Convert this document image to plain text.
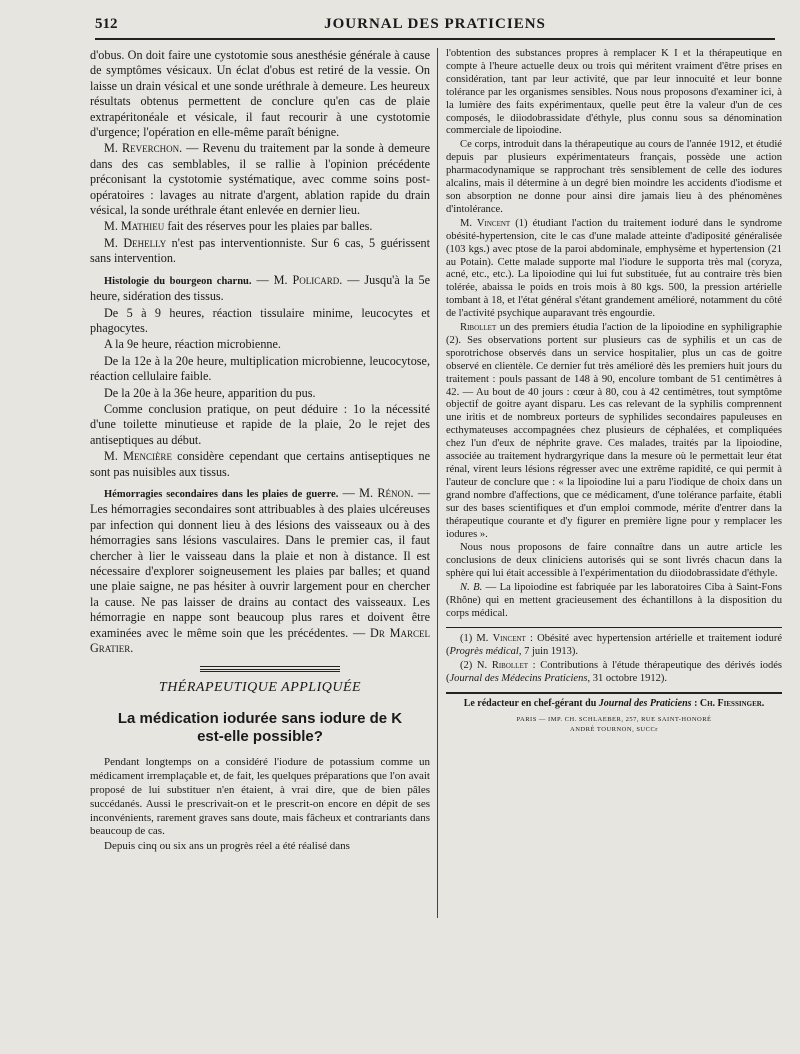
512	JOURNAL DES PRATICIENS

d'obus. On doit faire une cystotomie sous anesthésie générale à cause de symptômes vésicaux. Un éclat d'obus est retiré de la vessie. On laisse un drain vésical et une sonde uréthrale à demeure. Les heureux résultats obtenus permettent de conclure qu'en cas de plaie extrapéritonéale et vésicale, il faut recourir à une cystotomie d'urgence; l'opération en elle-même paraît bénigne.

M. Reverchon. — Revenu du traitement par la sonde à demeure dans des cas semblables, il se rallie à l'opinion précédente préconisant la cystotomie systématique, avec comme soins post-opératoires : lavages au nitrate d'argent, ablation rapide du drain vésical, la sonde uréthrale étant enlevée en dernier lieu.

M. Mathieu fait des réserves pour les plaies par balles.

M. Dehelly n'est pas interventionniste. Sur 6 cas, 5 guérissent sans intervention.

Histologie du bourgeon charnu. — M. Policard. — Jusqu'à la 5e heure, sidération des tissus.

De 5 à 9 heures, réaction tissulaire minime, leucocytes et phagocytes.

A la 9e heure, réaction microbienne.

De la 12e à la 20e heure, multiplication microbienne, leucocytose, réaction cellulaire faible.

De la 20e à la 36e heure, apparition du pus.

Comme conclusion pratique, on peut déduire : 1o la nécessité d'une toilette minutieuse et rapide de la plaie, 2o le rejet des antiseptiques au début.

M. Mencière considère cependant que certains antiseptiques ne sont pas nuisibles aux tissus.

Hémorragies secondaires dans les plaies de guerre. — M. Rénon. — Les hémorragies secondaires sont attribuables à des plaies ulcéreuses par infection qui donnent lieu à des lésions des vaisseaux ou à des hémorragies sans lésions vasculaires. Dans le premier cas, il faut chercher à lier le vaisseau dans la plaie et non à distance. Il est nécessaire d'explorer soigneusement les plaies par balles; et quand une plaie saigne, ne pas hésiter à ouvrir largement pour en chercher la cause. Ne pas laisser de drains au contact des vaisseaux. Les hémorragie en nappe sont beaucoup plus rares et doivent être examinées avec le même soin que les précédentes. — Dr Marcel Gratier.

THÉRAPEUTIQUE APPLIQUÉE
La médication iodurée sans iodure de K
est-elle possible?

Pendant longtemps on a considéré l'iodure de potassium comme un médicament irremplaçable et, de fait, les quelques préparations que l'on avait proposé de lui substituer n'en étaient, à vrai dire, que de bien pâles succédanés. Aussi le prescrivait-on et le prescrit-on encore en dépit de ses inconvénients, rarement graves sans doute, mais fâcheux et contrariants dans beaucoup de cas.

Depuis cinq ou six ans un progrès réel a été réalisé dans

l'obtention des substances propres à remplacer K I et la thérapeutique en compte à l'heure actuelle deux ou trois qui méritent vraiment d'être prises en considération, tant par leur activité, que par leur innocuité et leur bonne tolérance par les organismes sensibles. Nous nous proposons d'examiner ici, à la lumière des faits expérimentaux, quelle peut être la valeur d'un de ces composés, le diiodobrassidate d'éthyle, plus connu sous sa dénomination commerciale de lipoiodine.

Ce corps, introduit dans la thérapeutique au cours de l'année 1912, et étudié depuis par plusieurs expérimentateurs français, possède une action pharmacodynamique se rapprochant très sensiblement de celle des iodures alcalins, mais il détermine à un degré bien moindre les accidents d'iodisme et son absorption ne donne pour ainsi dire jamais lieu à des phénomènes d'intolérance.

M. Vincent (1) étudiant l'action du traitement ioduré dans le syndrome obésité-hypertension, cite le cas d'une malade atteinte d'adiposité généralisée (103 kgs.) avec ptose de la paroi abdominale, emphysème et hypertension (21 au Potain). Cette malade supporte mal l'iodure le supporta très mal (coryza, acné, etc., etc.). La lipoiodine qui lui fut substituée, fut au contraire très bien tolérée, abaissa le poids en trois mois à 80 kgs. 500, la pression artérielle tombant à 18, et l'état général s'étant grandement amélioré, notamment du côté de l'activité psychique auparavant très engourdie.

Ribollet un des premiers étudia l'action de la lipoiodine en syphiligraphie (2). Ses observations portent sur plusieurs cas de syphilis et un cas de sporotrichose observés dans un service hospitalier, plus un cas de goitre observé en clientèle. Ce dernier fut très amélioré dès les premiers huit jours du traitement : pouls passant de 148 à 90, encolure tombant de 51 centimètres à 42. — Au bout de 40 jours : cœur à 80, cou à 42 centimètres, tout symptôme objectif de goitre ayant disparu. Les cas relevant de la syphilis comprennent une iritis et de nombreux porteurs de syphilides secondaires papuleuses en ecthymateuses accompagnées chez plusieurs de céphalées, et compliquées chez l'un d'eux de néphrite grave. Ces malades, traités par la lipoiodine, associée au traitement hydrargyrique dans la mesure où le permettait leur état rénal, virent leurs lésions régresser avec une extrême rapidité, ce qui permit à l'auteur de conclure que : « la lipoiodine lui a paru l'iodique de choix dans un grand nombre d'affections, que ce médicament, d'une tolérance parfaite, établi sur des bases scientifiques et d'un emploi commode, mérite d'entrer dans la thérapeutique courante et d'y figurer en première ligne pour y remplacer les iodures ».

Nous nous proposons de faire connaître dans un autre article les conclusions de deux cliniciens autorisés qui se sont livrés chacun dans la sphère qui lui était accessible à l'expérimentation du diiodobrassidate d'éthyle.

N. B. — La lipoiodine est fabriquée par les laboratoires Ciba à Saint-Fons (Rhône) qui en mettent gracieusement des échantillons à la disposition du corps médical.

(1) M. Vincent : Obésité avec hypertension artérielle et traitement ioduré (Progrès médical, 7 juin 1913).

(2) N. Ribollet : Contributions à l'étude thérapeutique des dérivés iodés (Journal des Médecins Praticiens, 31 octobre 1912).

Le rédacteur en chef-gérant du Journal des Praticiens : Ch. Fiessinger.
PARIS — IMP. CH. SCHLAEBER, 257, RUE SAINT-HONORÉ
ANDRÉ TOURNON, SUCCr
